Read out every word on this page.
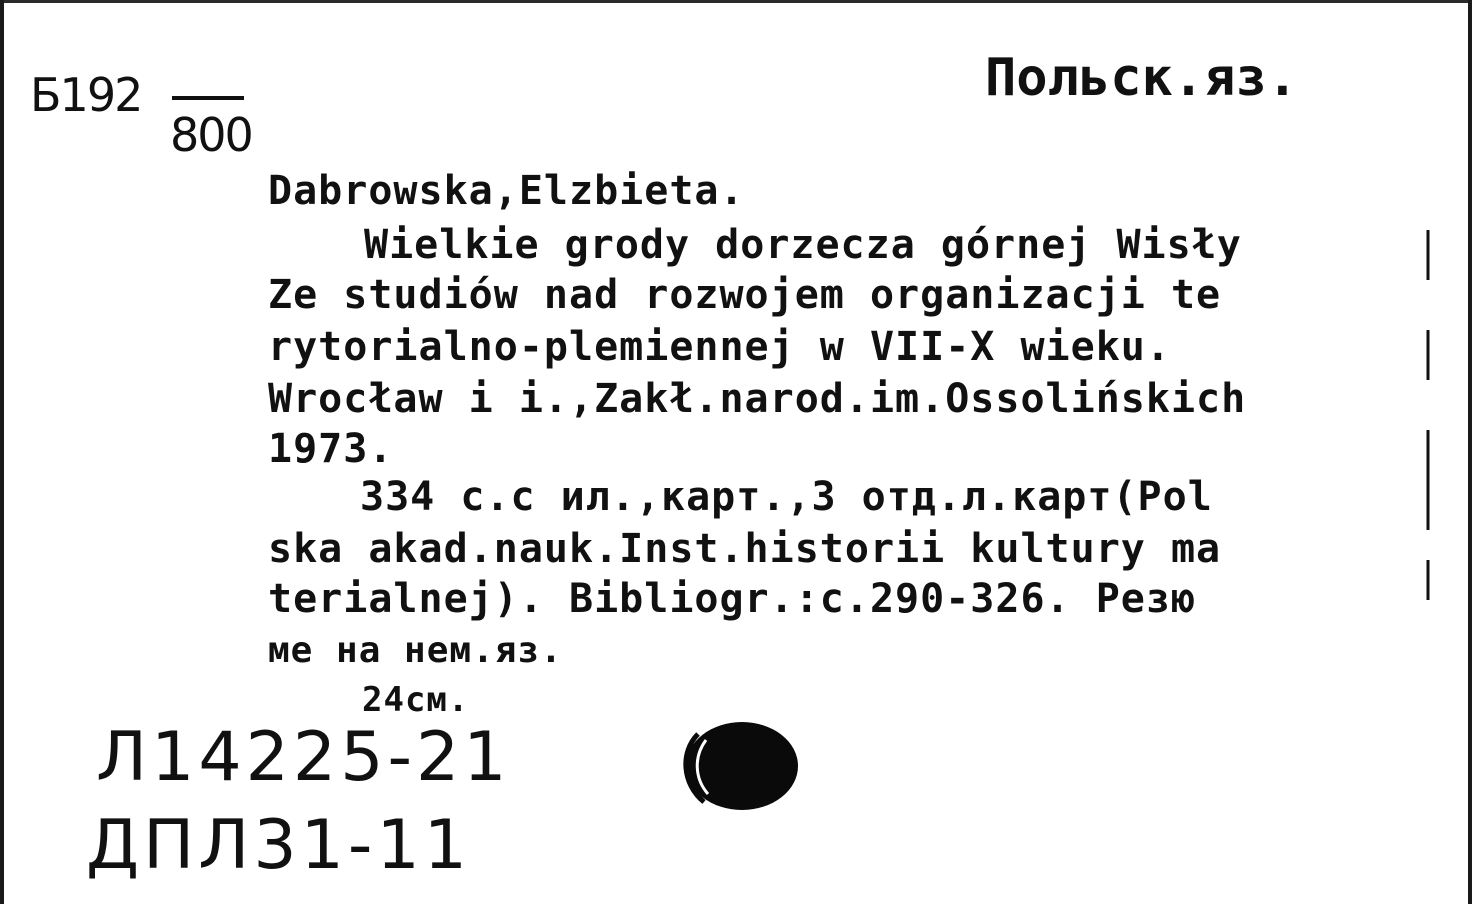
Б192
800
Польск.яз.
Dabrowska,Elzbieta.
Wielkie grody dorzecza górnej Wisły
Ze studiów nad rozwojem organizacji te
rytorialno-plemiennej w VII-X wieku.
Wrocław i i.,Zakł.narod.im.Ossolińskich
1973.
334 c.c ил.,карт.,3 отд.л.карт(Pol
ska akad.nauk.Inst.historii kultury ma
terialnej). Bibliogr.:c.290-326. Резю
ме на нем.яз.
24см.
Л14225-21
ДПЛ31-11
